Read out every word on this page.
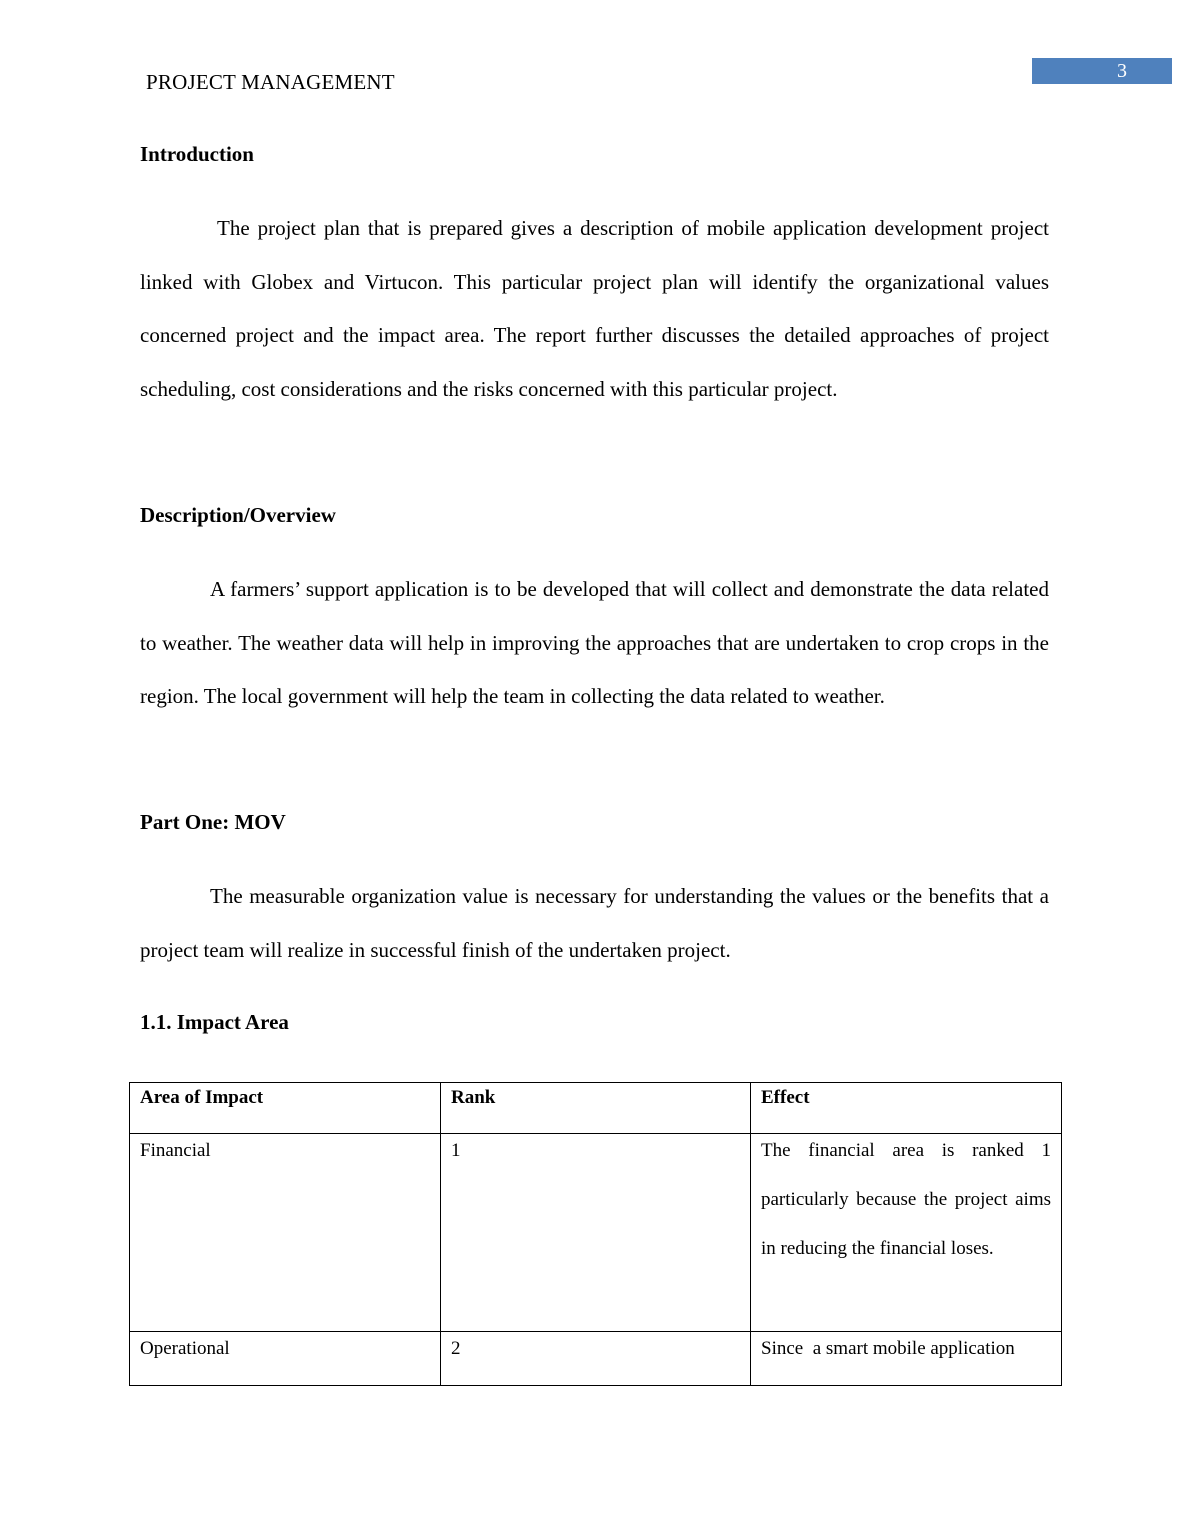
PROJECT MANAGEMENT	3
Introduction
The project plan that is prepared gives a description of mobile application development project linked with Globex and Virtucon. This particular project plan will identify the organizational values concerned project and the impact area. The report further discusses the detailed approaches of project scheduling, cost considerations and the risks concerned with this particular project.
Description/Overview
A farmers’ support application is to be developed that will collect and demonstrate the data related to weather. The weather data will help in improving the approaches that are undertaken to crop crops in the region. The local government will help the team in collecting the data related to weather.
Part One: MOV
The measurable organization value is necessary for understanding the values or the benefits that a project team will realize in successful finish of the undertaken project.
1.1. Impact Area
Area of Impact	Rank	Effect

Financial	1	The financial area is ranked 1 particularly because the project aims in reducing the financial loses.

Operational	2	Since  a smart mobile application
